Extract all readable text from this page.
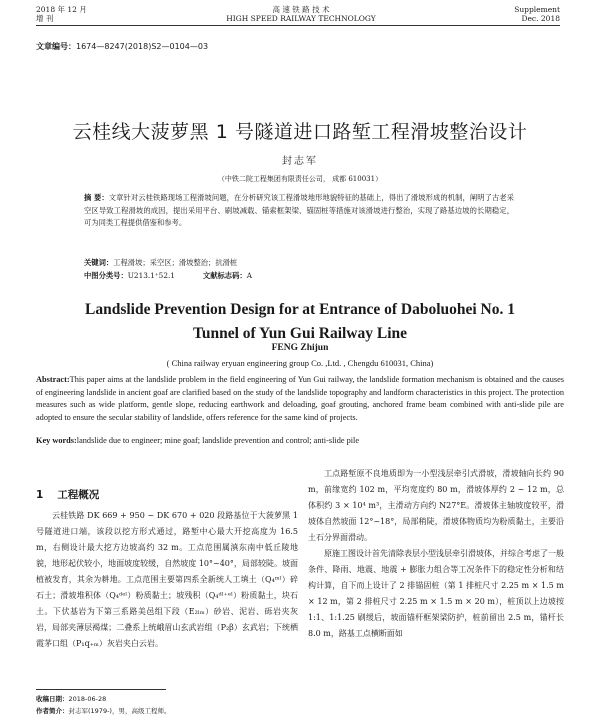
2018 年 12 月
增 刊
高 速 铁 路 技 术
HIGH SPEED RAILWAY TECHNOLOGY
Supplement
Dec. 2018
文章编号：1674—8247(2018)S2—0104—03
云桂线大菠萝黑 1 号隧道进口路堑工程滑坡整治设计
封志军
（中铁二院工程集团有限责任公司， 成都 610031）
摘 要：文章针对云桂铁路现场工程滑坡问题，在分析研究该工程滑坡地形地貌特征的基础上，得出了滑坡形成的机制，阐明了古老采空区导致工程滑坡的成因，提出采用平台、刷坡减载、锚索框架梁、锚固桩等措施对该滑坡进行整治，实现了路基边坡的长期稳定，可为同类工程提供借鉴和参考。
关键词：工程滑坡；采空区；滑坡整治；抗滑桩
中图分类号：U213.1⁺52.1	文献标志码：A
Landslide Prevention Design for at Entrance of Daboluohei No. 1
Tunnel of Yun Gui Railway Line
FENG Zhijun
( China railway eryuan engineering group Co. ,Ltd. , Chengdu 610031, China)
Abstract:This paper aims at the landslide problem in the field engineering of Yun Gui railway, the landslide formation mechanism is obtained and the causes of engineering landslide in ancient goaf are clarified based on the study of the landslide topography and landform characteristics in this project. The protection measures such as wide platform, gentle slope, reducing earthwork and deloading, goaf grouting, anchored frame beam combined with anti-slide pile are adopted to ensure the secular stability of landslide, offers reference for the same kind of projects.
Key words:landslide due to engineer; mine goaf; landslide prevention and control; anti-slide pile
1 工程概况

云桂铁路 DK 669 + 950 ~ DK 670 + 020 段路基位于大菠萝黑 1 号隧道进口端，该段以挖方形式通过，路堑中心最大开挖高度为 16.5 m，右侧设计最大挖方边坡高约 32 m。工点范围属滇东南中低丘陵地貌，地形起伏较小，地面坡度较缓，自然坡度 10°~40°，局部较陡。坡面植被发育，其余为耕地。工点范围主要第四系全新统人工填土（Q₄ᵐˡ）碎石土；滑坡堆积体（Q₄ᵈᵉˡ）粉质黏土；坡残积（Q₄ᵈˡ⁺ᵉˡ）粉质黏土，块石土。下伏基岩为下第三系路美邑组下段（E₂ₗₘ）砂岩、泥岩、砾岩夹灰岩，局部夹薄层褐煤；二叠系上统峨眉山玄武岩组（P₂β）玄武岩；下统栖霞茅口组（P₁q₊ₘ）灰岩夹白云岩。

工点路堑原不良地质即为一小型浅层牵引式滑坡，滑坡轴向长约 90 m，前缘宽约 102 m，平均宽度约 80 m，滑坡体厚约 2 ~ 12 m，总体积约 3 × 10⁴ m³，主滑动方向约 N27°E。滑坡体主轴坡度较平，滑坡体自然坡面 12°~18°，局部稍陡，滑坡体物质均为粉质黏土，主要沿土石分界面滑动。

原施工图设计首先清除表层小型浅层牵引滑坡体，并综合考虑了一般条件、降雨、地震、地震 + 膨胀力组合等工况条件下的稳定性分析和结构计算，自下而上设计了 2 排锚固桩（第 1 排桩尺寸 2.25 m × 1.5 m × 12 m，第 2 排桩尺寸 2.25 m × 1.5 m × 20 m），桩顶以上边坡按 1:1、1:1.25 刷缓后，坡面锚杆框架梁防护，桩前留出 2.5 m，锚杆长 8.0 m，路基工点横断面如

收稿日期：2018-06-28
作者简介：封志军(1979-)，男，高级工程师。
